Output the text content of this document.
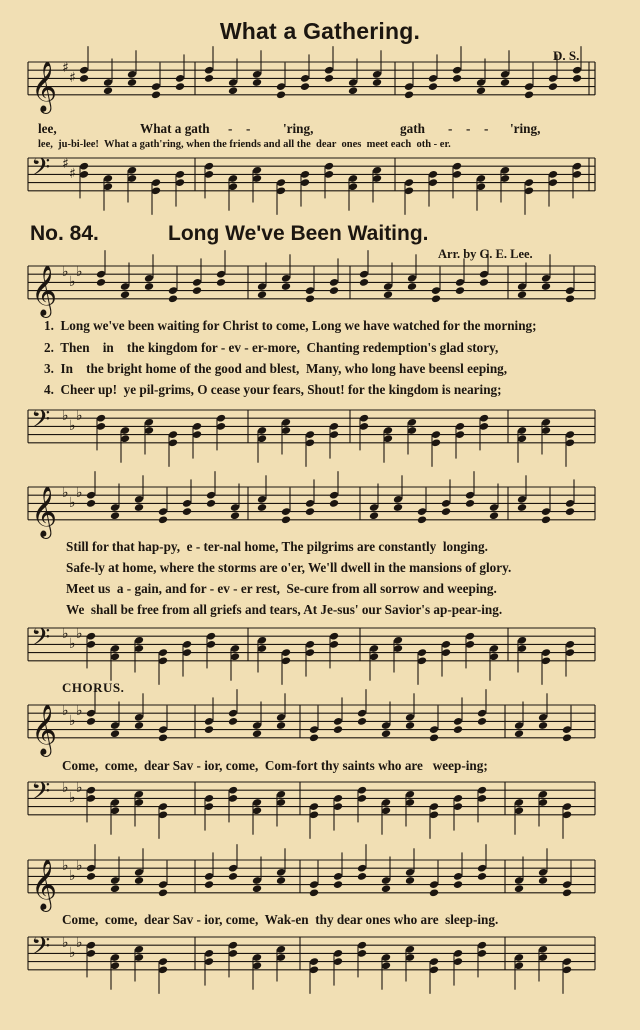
𝄞 ♯
♯
𝄢 ♯
♯
𝄞 ♭
♭
♭
𝄢 ♭
♭
♭
𝄞 ♭
♭
♭
𝄢 ♭
♭
♭
𝄞 ♭
♭
♭
𝄢 ♭
♭
♭
𝄞 ♭
♭
♭
𝄢 ♭
♭
♭
What a Gathering.
D. S.
lee,	What a gath - - 'ring,	gath - - - 'ring,
lee,  ju-bi-lee!  What a gath'ring, when the friends and all the  dear  ones  meet each  oth - er.
No. 84.	Long We've Been Waiting.
Arr. by G. E. Lee.
1.  Long we've been waiting for Christ to come, Long we have watched for the morning;
2.  Then    in    the kingdom for - ev - er-more,  Chanting redemption's glad story,
3.  In    the bright home of the good and blest,  Many, who long have beensl eeping,
4.  Cheer up!  ye pil-grims, O cease your fears, Shout! for the kingdom is nearing;
Still for that hap-py,  e - ter-nal home, The pilgrims are constantly  longing.
Safe-ly at home, where the storms are o'er, We'll dwell in the mansions of glory.
Meet us  a - gain, and for - ev - er rest,  Se-cure from all sorrow and weeping.
We  shall be free from all griefs and tears, At Je-sus' our Savior's ap-pear-ing.
CHORUS.
Come,  come,  dear Sav - ior, come,  Com-fort thy saints who are   weep-ing;
Come,  come,  dear Sav - ior, come,  Wak-en  thy dear ones who are  sleep-ing.
